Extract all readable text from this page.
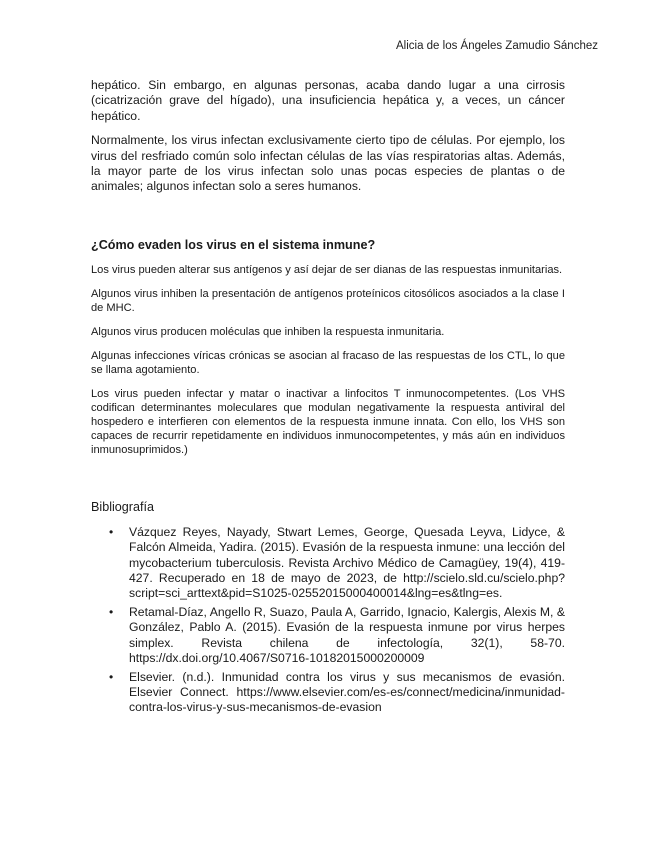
Alicia de los Ángeles Zamudio Sánchez

hepático. Sin embargo, en algunas personas, acaba dando lugar a una cirrosis (cicatrización grave del hígado), una insuficiencia hepática y, a veces, un cáncer hepático.

Normalmente, los virus infectan exclusivamente cierto tipo de células. Por ejemplo, los virus del resfriado común solo infectan células de las vías respiratorias altas. Además, la mayor parte de los virus infectan solo unas pocas especies de plantas o de animales; algunos infectan solo a seres humanos.

¿Cómo evaden los virus en el sistema inmune?

Los virus pueden alterar sus antígenos y así dejar de ser dianas de las respuestas inmunitarias.

Algunos virus inhiben la presentación de antígenos proteínicos citosólicos asociados a la clase I de MHC.

Algunos virus producen moléculas que inhiben la respuesta inmunitaria.

Algunas infecciones víricas crónicas se asocian al fracaso de las respuestas de los CTL, lo que se llama agotamiento.

Los virus pueden infectar y matar o inactivar a linfocitos T inmunocompetentes. (Los VHS codifican determinantes moleculares que modulan negativamente la respuesta antiviral del hospedero e interfieren con elementos de la respuesta inmune innata. Con ello, los VHS son capaces de recurrir repetidamente en individuos inmunocompetentes, y más aún en individuos inmunosuprimidos.)

Bibliografía
• Vázquez Reyes, Nayady, Stwart Lemes, George, Quesada Leyva, Lidyce, & Falcón Almeida, Yadira. (2015). Evasión de la respuesta inmune: una lección del mycobacterium tuberculosis. Revista Archivo Médico de Camagüey, 19(4), 419-427. Recuperado en 18 de mayo de 2023, de http://scielo.sld.cu/scielo.php?script=sci_arttext&pid=S1025-02552015000400014&lng=es&tlng=es.
• Retamal-Díaz, Angello R, Suazo, Paula A, Garrido, Ignacio, Kalergis, Alexis M, & González, Pablo A. (2015). Evasión de la respuesta inmune por virus herpes simplex. Revista chilena de infectología, 32(1), 58-70. https://dx.doi.org/10.4067/S0716-10182015000200009
• Elsevier. (n.d.). Inmunidad contra los virus y sus mecanismos de evasión. Elsevier Connect. https://www.elsevier.com/es-es/connect/medicina/inmunidad-contra-los-virus-y-sus-mecanismos-de-evasion
